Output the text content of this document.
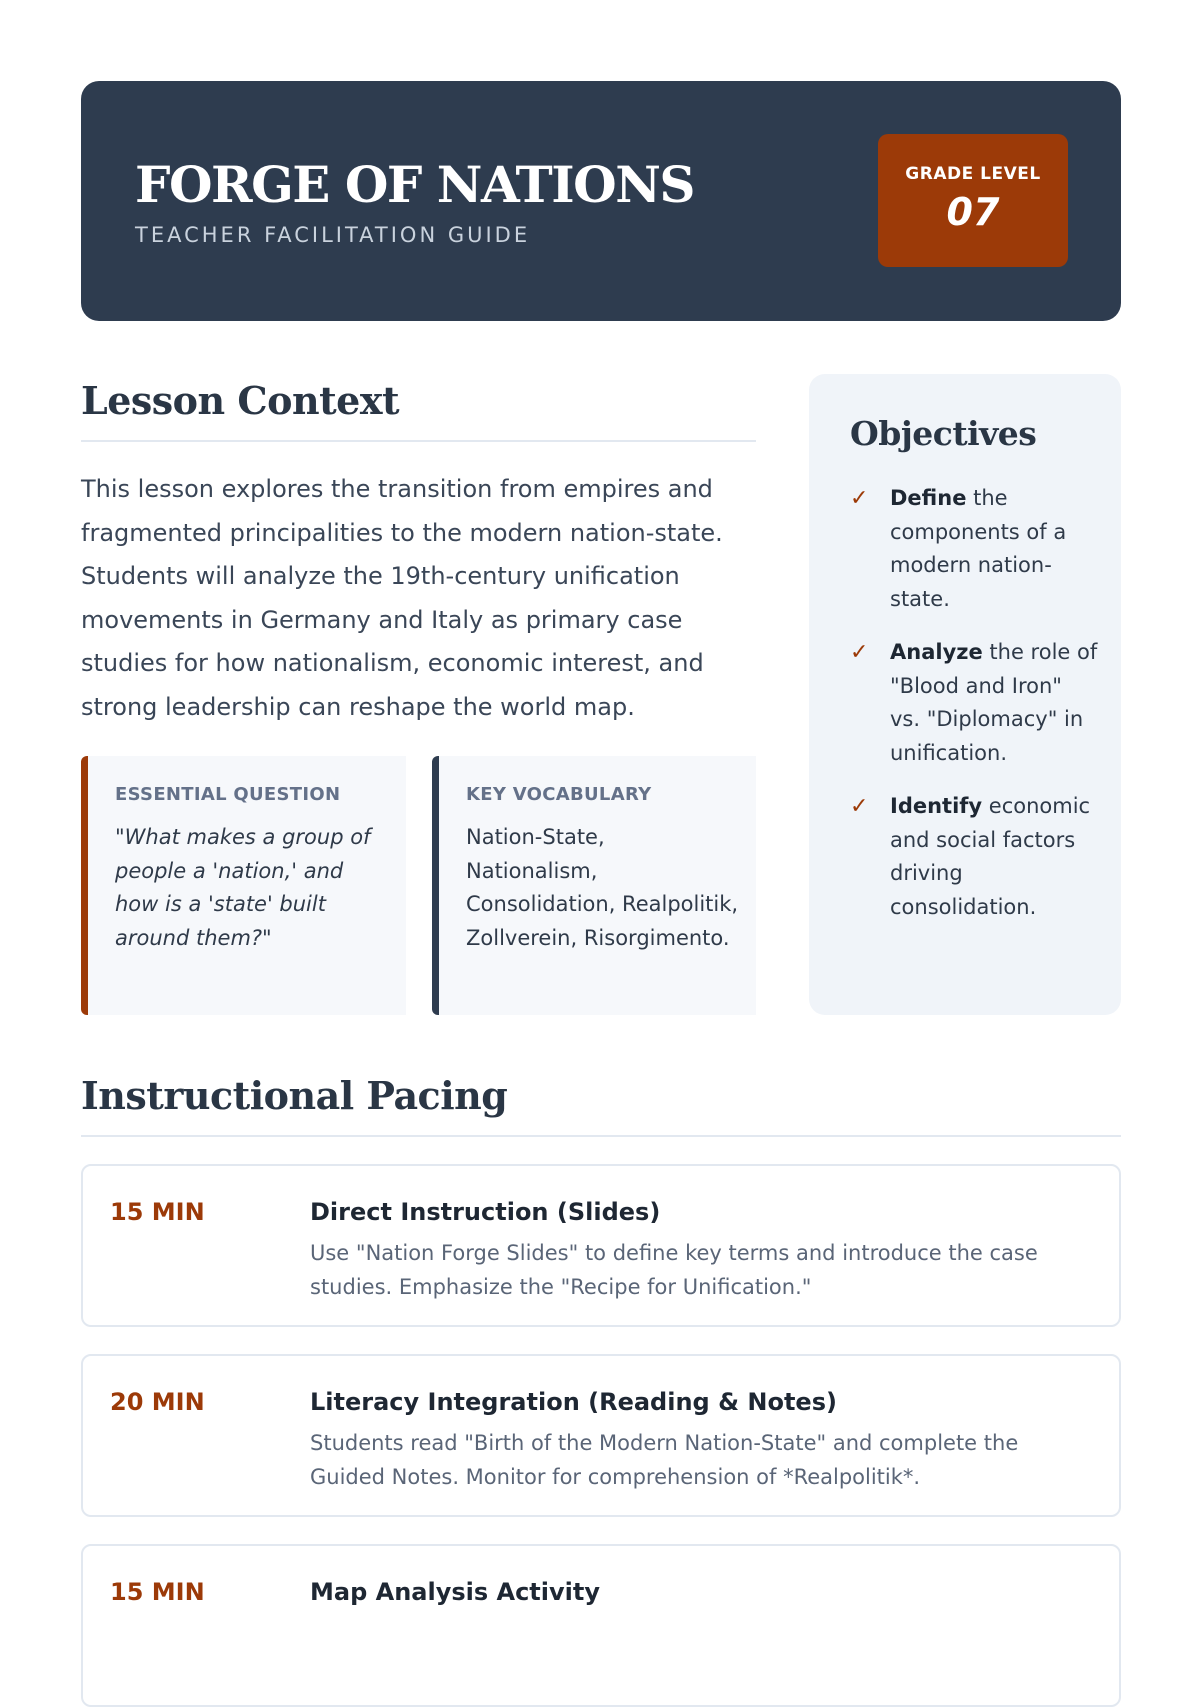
FORGE OF NATIONS
TEACHER FACILITATION GUIDE
GRADE LEVEL
07
Lesson Context

This lesson explores the transition from empires and fragmented principalities to the modern nation-state. Students will analyze the 19th-century unification movements in Germany and Italy as primary case studies for how nationalism, economic interest, and strong leadership can reshape the world map.

ESSENTIAL QUESTION

"What makes a group of people a 'nation,' and how is a 'state' built around them?"

KEY VOCABULARY

Nation-State, Nationalism, Consolidation, Realpolitik, Zollverein, Risorgimento.

Objectives
✓ Define the components of a modern nation-state.
✓ Analyze the role of "Blood and Iron" vs. "Diplomacy" in unification.
✓ Identify economic and social factors driving consolidation.
Instructional Pacing
15 MIN	Direct Instruction (Slides)

Use "Nation Forge Slides" to define key terms and introduce the case studies. Emphasize the "Recipe for Unification."

20 MIN	Literacy Integration (Reading & Notes)

Students read "Birth of the Modern Nation-State" and complete the Guided Notes. Monitor for comprehension of *Realpolitik*.

15 MIN	Map Analysis Activity
